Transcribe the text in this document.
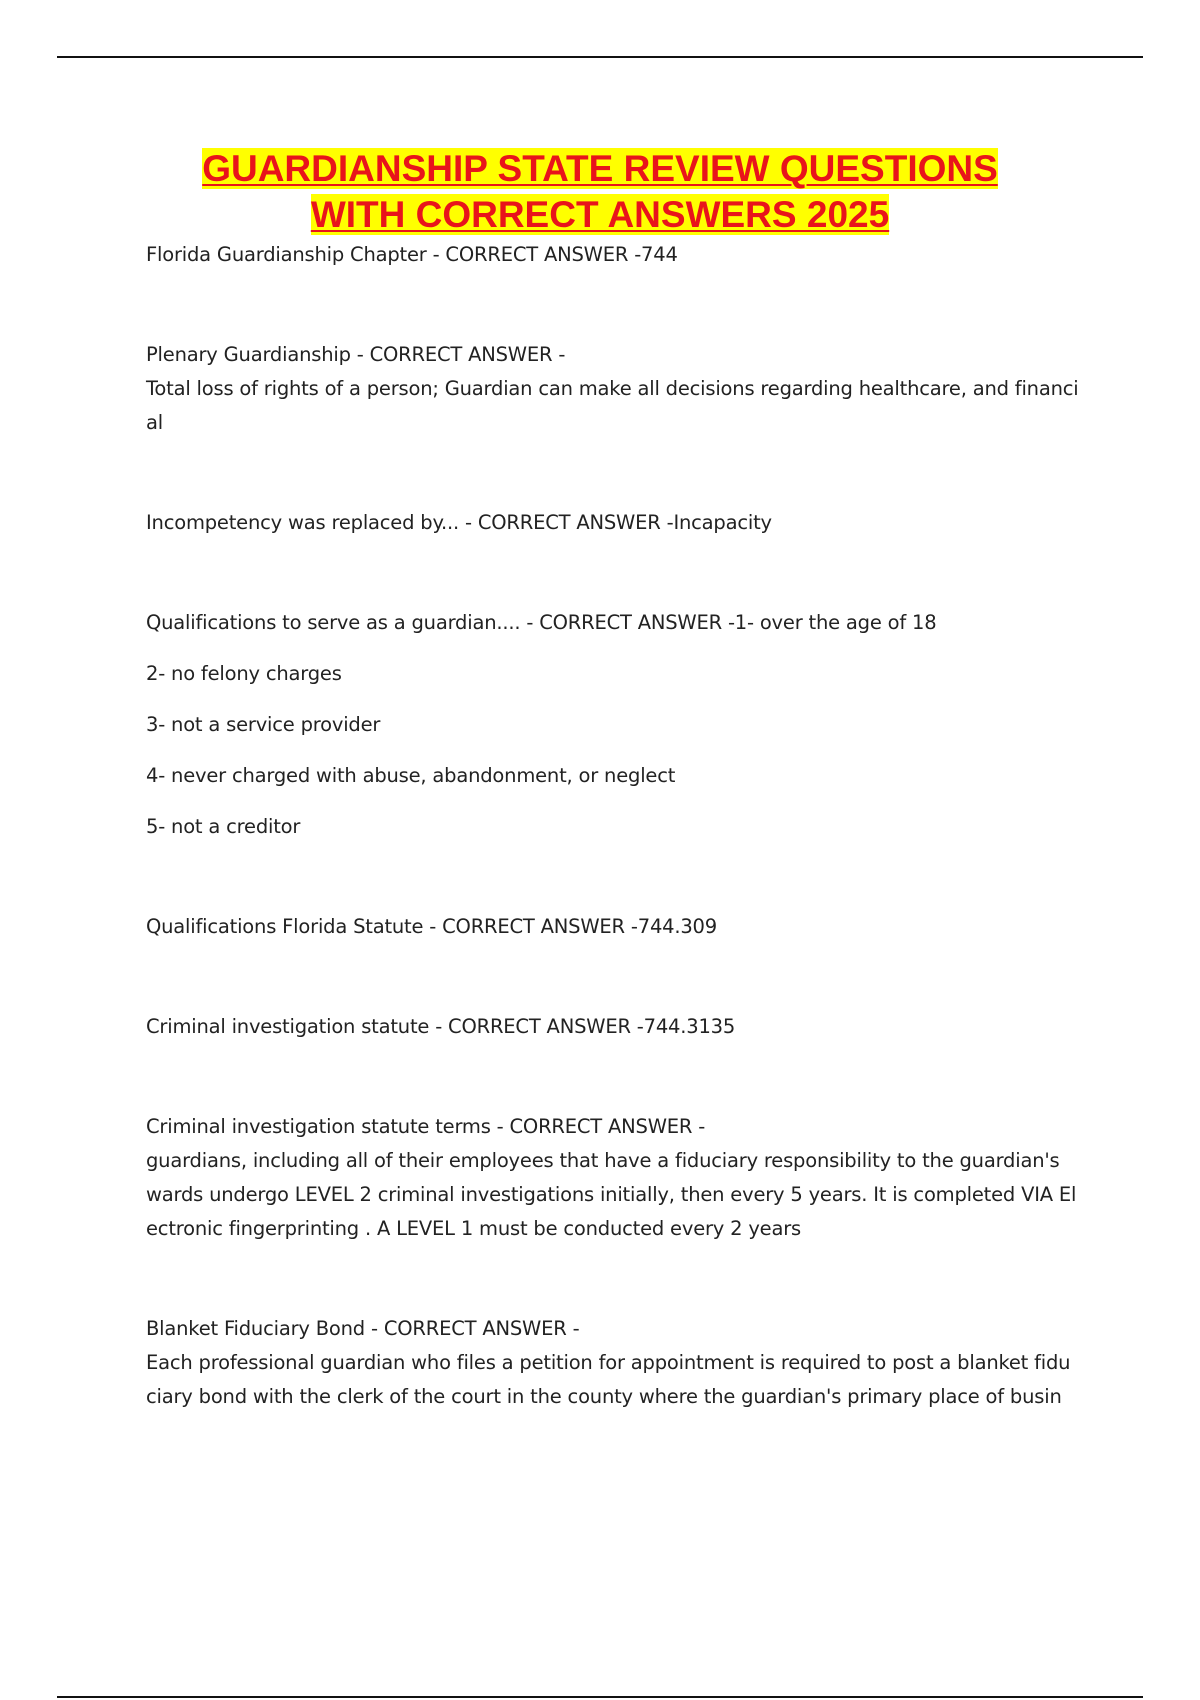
GUARDIANSHIP STATE REVIEW QUESTIONS
WITH CORRECT ANSWERS 2025

Florida Guardianship Chapter - CORRECT ANSWER -744

Plenary Guardianship - CORRECT ANSWER -

Total loss of rights of a person; Guardian can make all decisions regarding healthcare, and financi

al

Incompetency was replaced by... - CORRECT ANSWER -Incapacity

Qualifications to serve as a guardian.... - CORRECT ANSWER -1- over the age of 18

2- no felony charges

3- not a service provider

4- never charged with abuse, abandonment, or neglect

5- not a creditor

Qualifications Florida Statute - CORRECT ANSWER -744.309

Criminal investigation statute - CORRECT ANSWER -744.3135

Criminal investigation statute terms - CORRECT ANSWER -

guardians, including all of their employees that have a fiduciary responsibility to the guardian's

wards undergo LEVEL 2 criminal investigations initially, then every 5 years. It is completed VIA El

ectronic fingerprinting . A LEVEL 1 must be conducted every 2 years

Blanket Fiduciary Bond - CORRECT ANSWER -

Each professional guardian who files a petition for appointment is required to post a blanket fidu

ciary bond with the clerk of the court in the county where the guardian's primary place of busin
